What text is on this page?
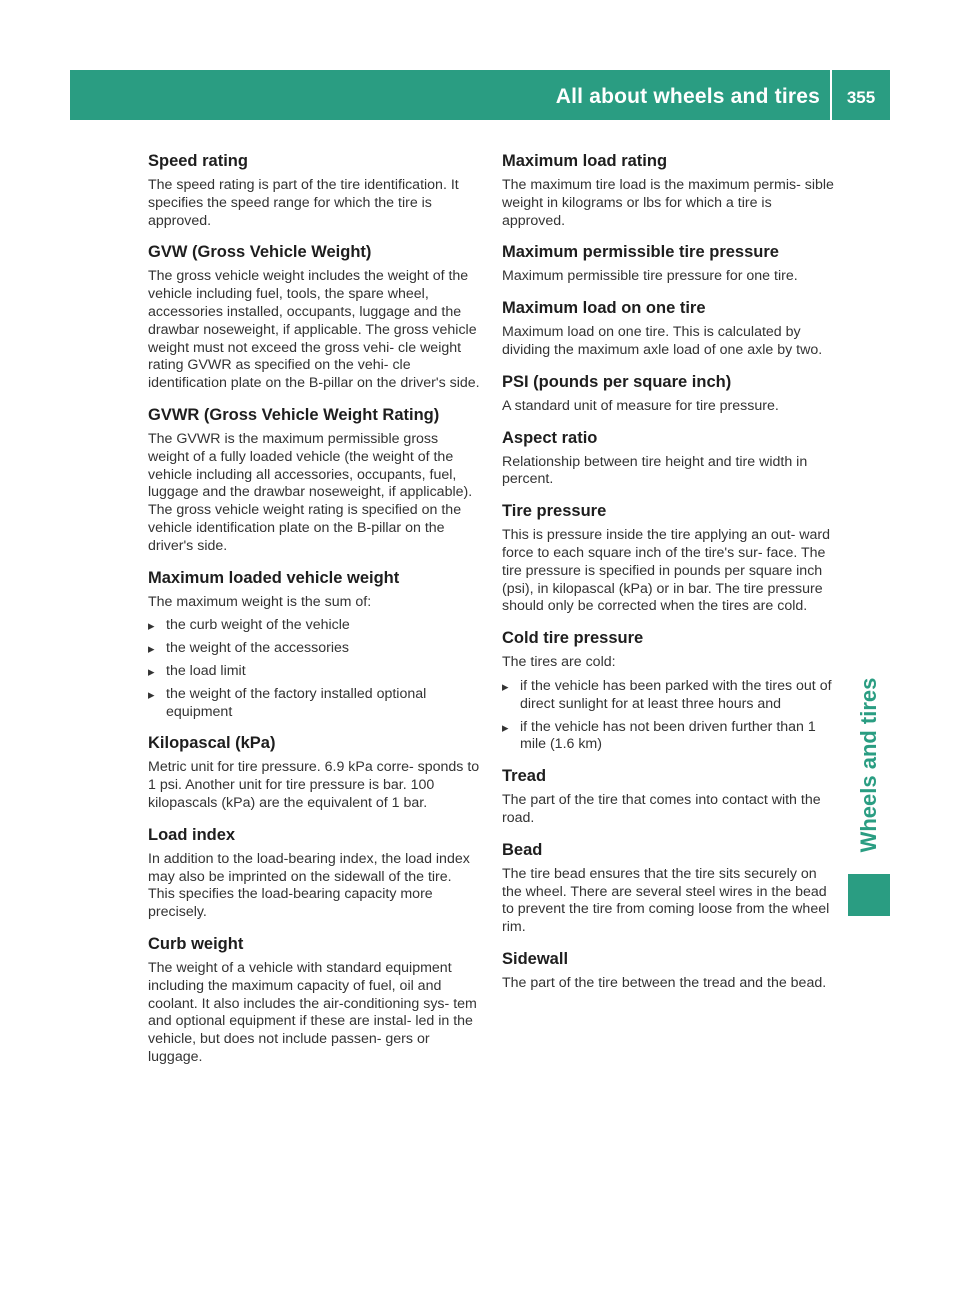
All about wheels and tires	355
Speed rating

The speed rating is part of the tire identification. It specifies the speed range for which the tire is approved.

GVW (Gross Vehicle Weight)

The gross vehicle weight includes the weight of the vehicle including fuel, tools, the spare wheel, accessories installed, occupants, luggage and the drawbar noseweight, if applicable. The gross vehicle weight must not exceed the gross vehi- cle weight rating GVWR as specified on the vehi- cle identification plate on the B-pillar on the driver's side.

GVWR (Gross Vehicle Weight Rating)

The GVWR is the maximum permissible gross weight of a fully loaded vehicle (the weight of the vehicle including all accessories, occupants, fuel, luggage and the drawbar noseweight, if applicable). The gross vehicle weight rating is specified on the vehicle identification plate on the B-pillar on the driver's side.

Maximum loaded vehicle weight

The maximum weight is the sum of:

▸ the curb weight of the vehicle
▸ the weight of the accessories
▸ the load limit
▸ the weight of the factory installed optional equipment
Kilopascal (kPa)

Metric unit for tire pressure. 6.9 kPa corre- sponds to 1 psi. Another unit for tire pressure is bar. 100 kilopascals (kPa) are the equivalent of 1 bar.

Load index

In addition to the load-bearing index, the load index may also be imprinted on the sidewall of the tire. This specifies the load-bearing capacity more precisely.

Curb weight

The weight of a vehicle with standard equipment including the maximum capacity of fuel, oil and coolant. It also includes the air-conditioning sys- tem and optional equipment if these are instal- led in the vehicle, but does not include passen- gers or luggage.

Maximum load rating

The maximum tire load is the maximum permis- sible weight in kilograms or lbs for which a tire is approved.

Maximum permissible tire pressure

Maximum permissible tire pressure for one tire.

Maximum load on one tire

Maximum load on one tire. This is calculated by dividing the maximum axle load of one axle by two.

PSI (pounds per square inch)

A standard unit of measure for tire pressure.

Aspect ratio

Relationship between tire height and tire width in percent.

Tire pressure

This is pressure inside the tire applying an out- ward force to each square inch of the tire's sur- face. The tire pressure is specified in pounds per square inch (psi), in kilopascal (kPa) or in bar. The tire pressure should only be corrected when the tires are cold.

Cold tire pressure

The tires are cold:

▸ if the vehicle has been parked with the tires out of direct sunlight for at least three hours and
▸ if the vehicle has not been driven further than 1 mile (1.6 km)
Tread

The part of the tire that comes into contact with the road.

Bead

The tire bead ensures that the tire sits securely on the wheel. There are several steel wires in the bead to prevent the tire from coming loose from the wheel rim.

Sidewall

The part of the tire between the tread and the bead.

Wheels and tires
